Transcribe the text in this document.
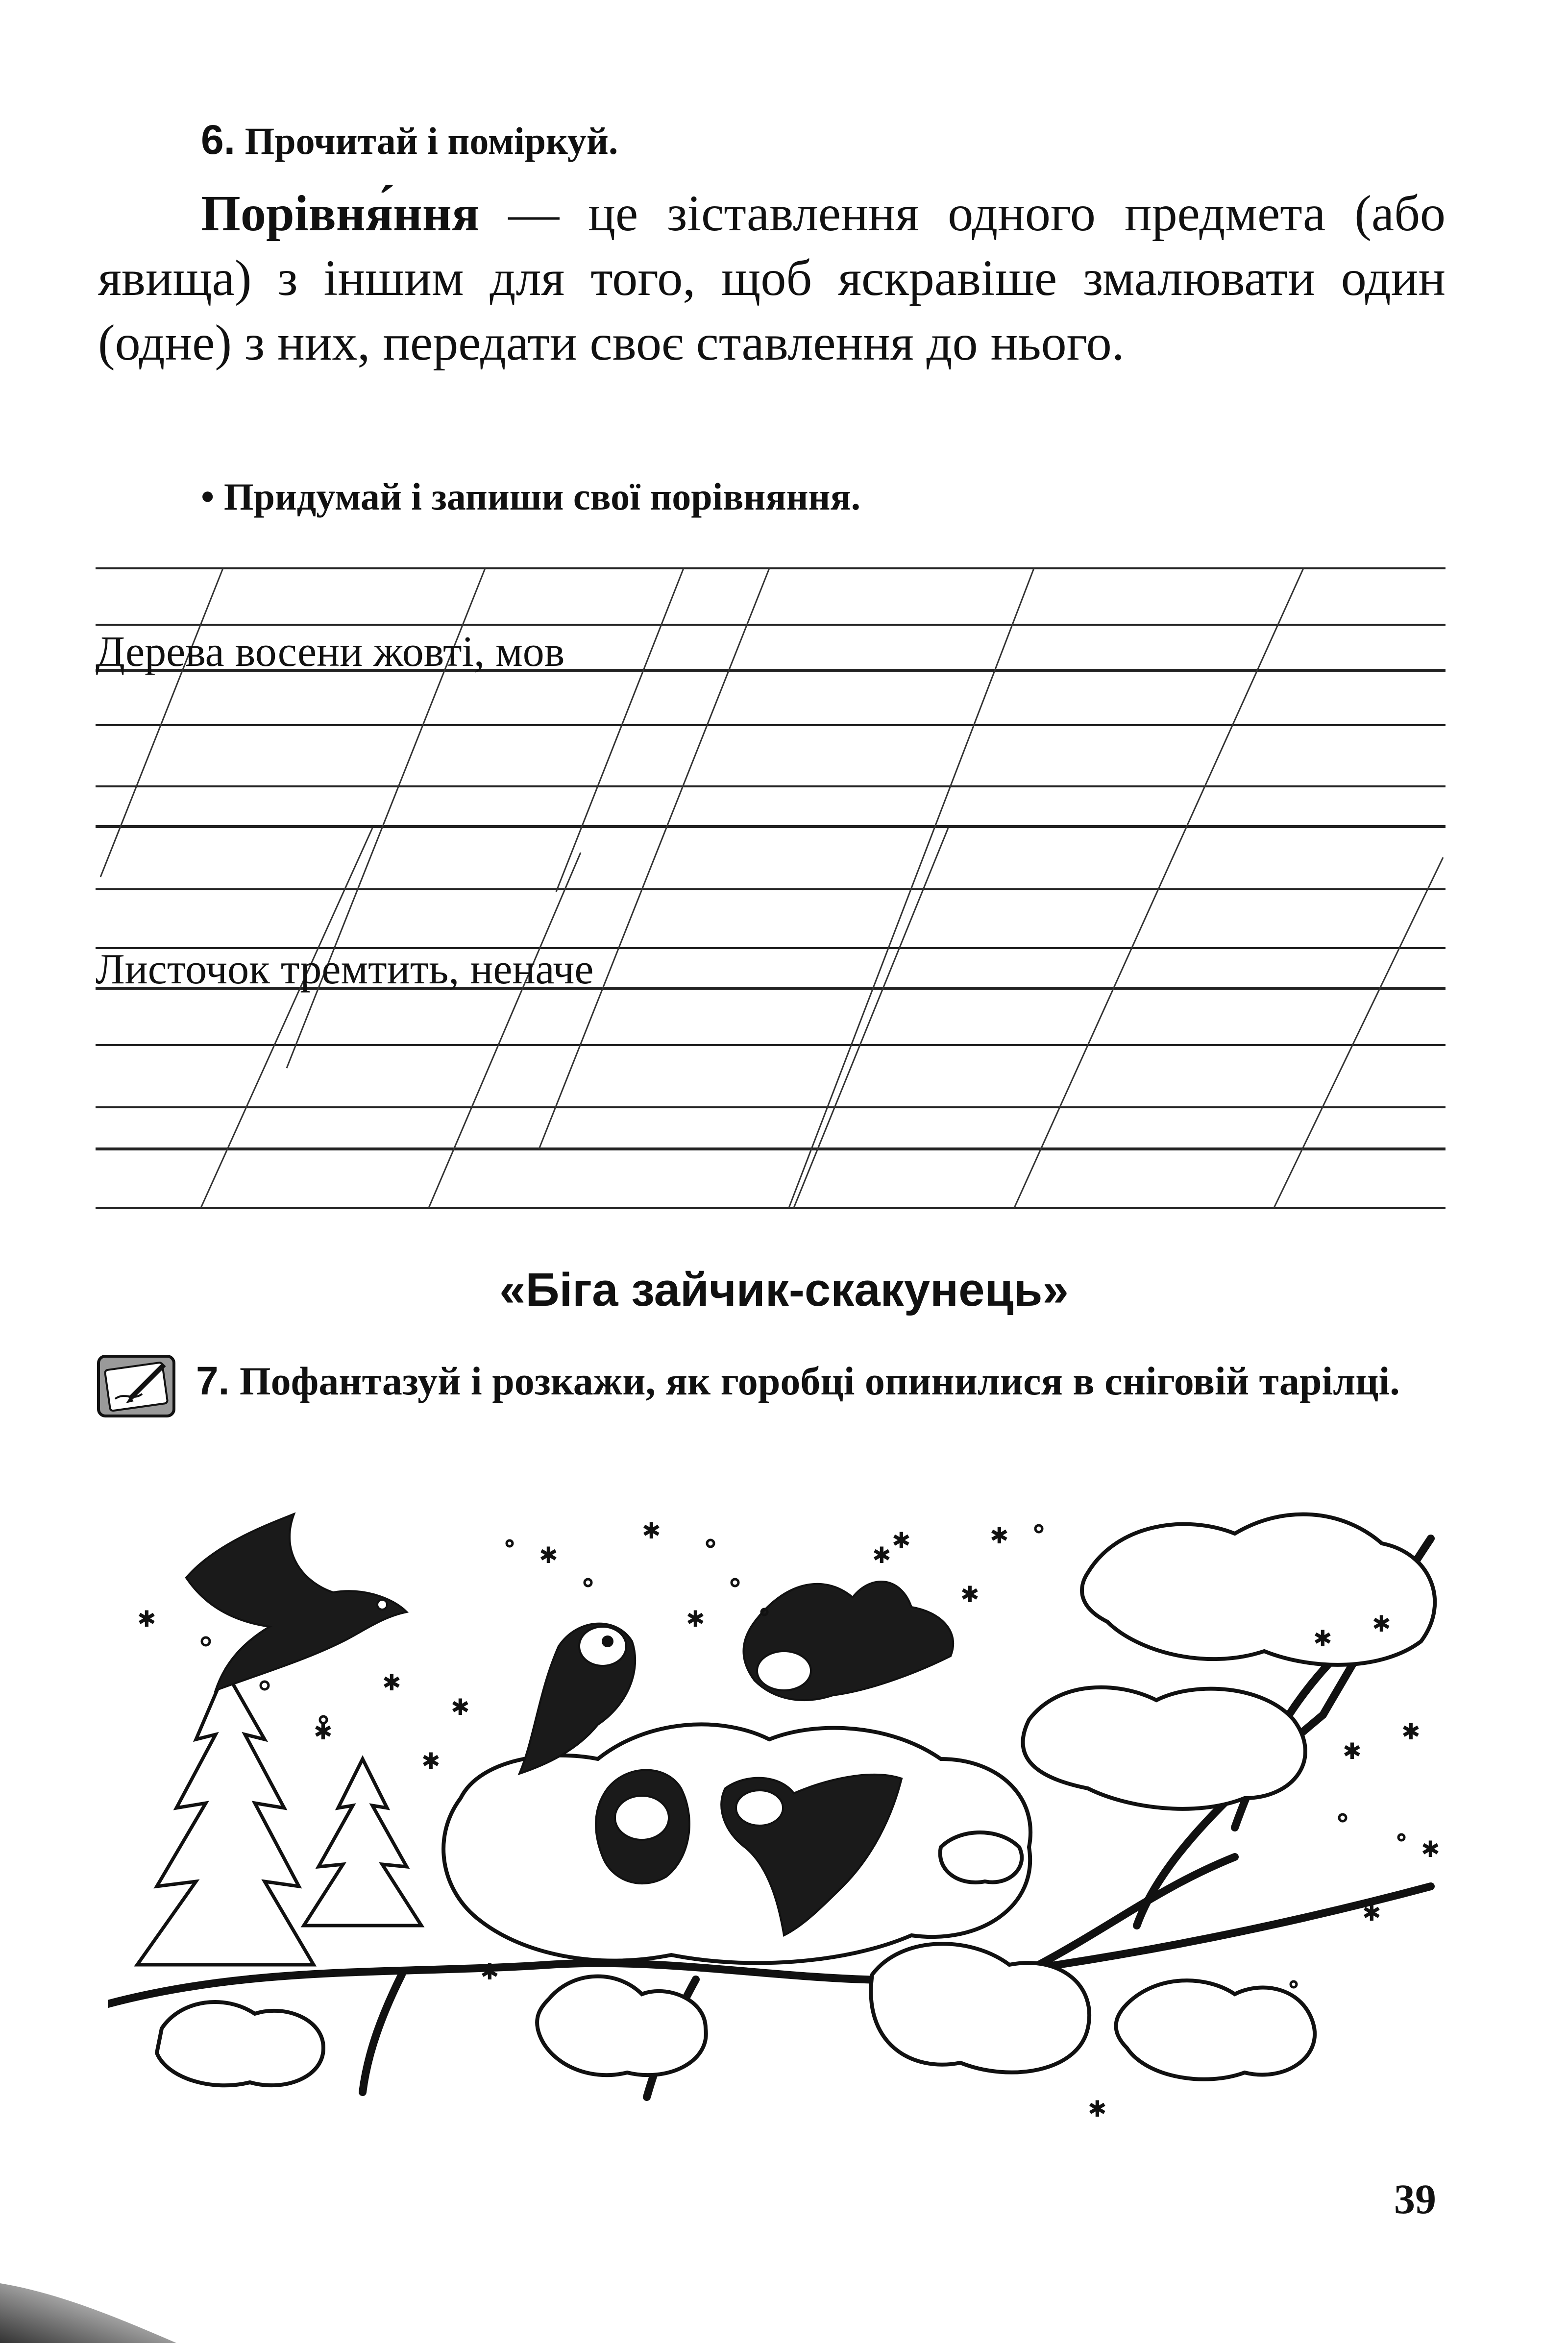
6. Прочитай і поміркуй.
Порівня́ння — це зіставлення одного предмета (або явища) з іншим для того, щоб яскравіше змалювати один (одне) з них, передати своє ставлення до нього.
• Придумай і запиши свої порівняння.
Дерева восени жовті, мов
Листочок тремтить, неначе
«Біга зайчик-скакунець»
7. Пофантазуй і розкажи, як горобці опинилися в сніговій тарілці.
✱
✱
✱
✱
✱
✱
✱
✱
✱
✱
✱
✱
✱
✱
✱
✱
✱
✱
✱
✱
39
